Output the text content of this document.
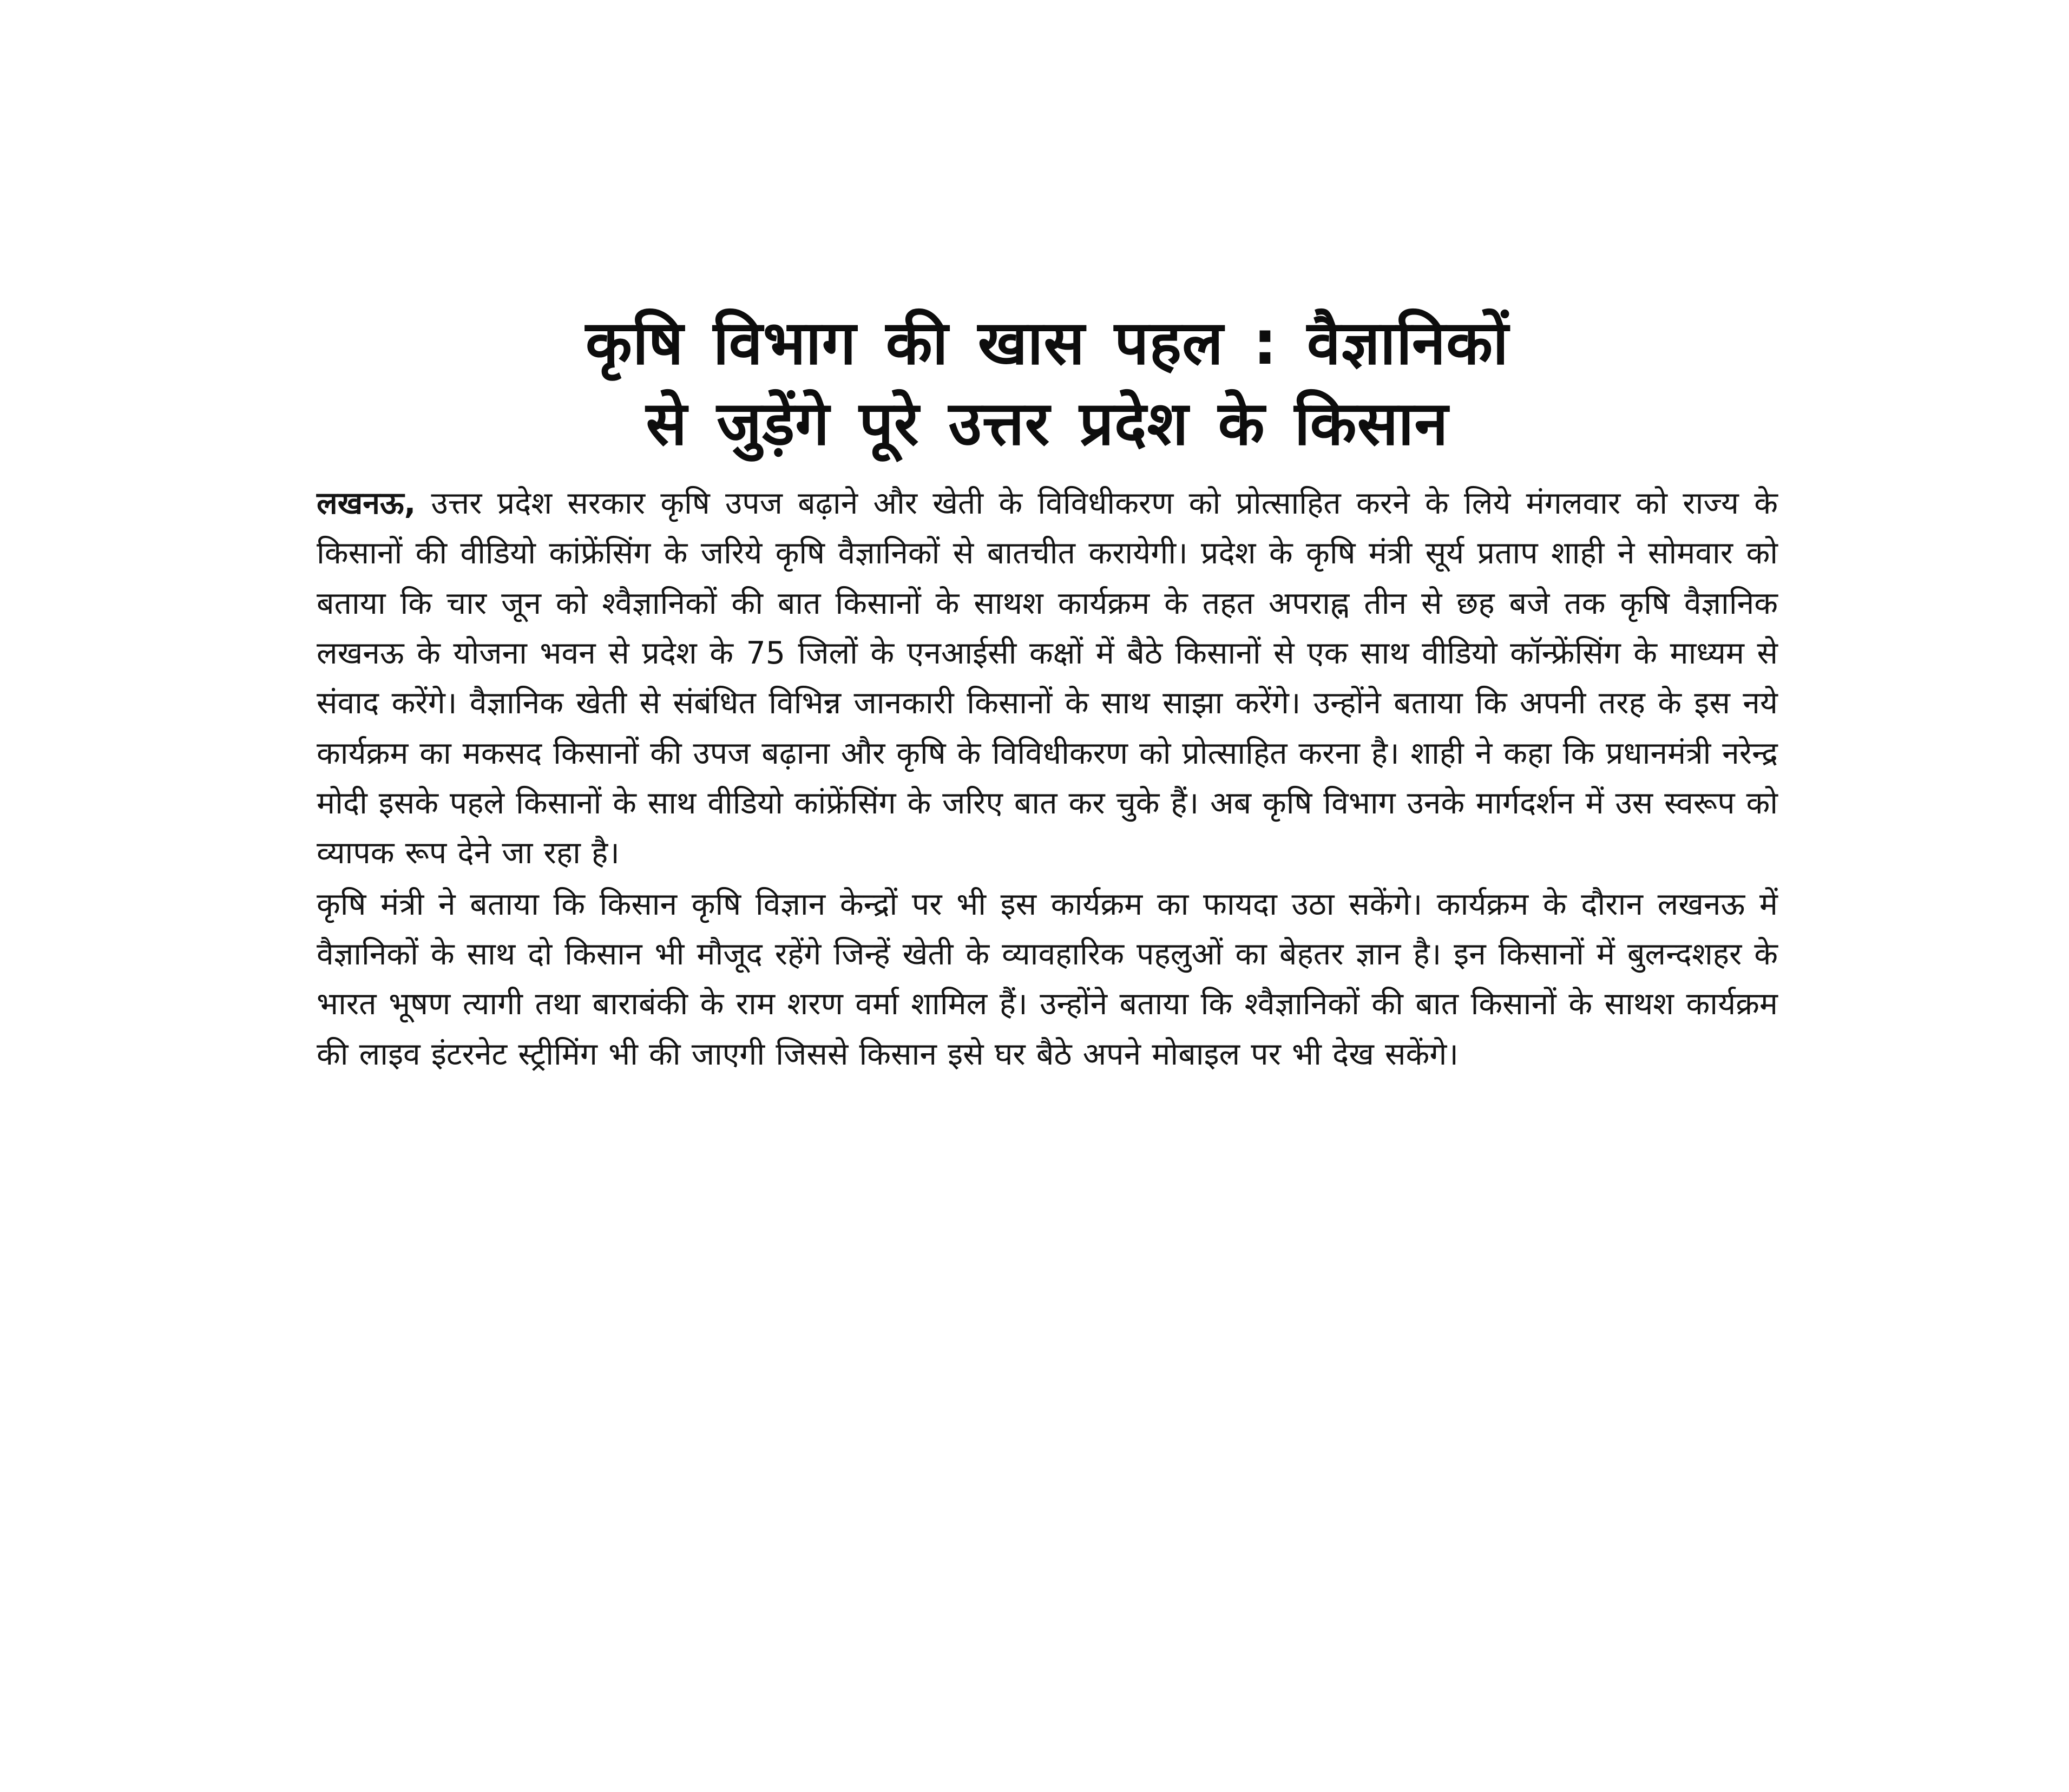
कृषि विभाग की खास पहल : वैज्ञानिकों
से जुड़ेंगे पूरे उत्तर प्रदेश के किसान

लखनऊ, उत्तर प्रदेश सरकार कृषि उपज बढ़ाने और खेती के विविधीकरण को प्रोत्साहित करने के लिये मंगलवार को राज्य के किसानों की वीडियो कांफ्रेंसिंग के जरिये कृषि वैज्ञानिकों से बातचीत करायेगी। प्रदेश के कृषि मंत्री सूर्य प्रताप शाही ने सोमवार को बताया कि चार जून को श्वैज्ञानिकों की बात किसानों के साथश कार्यक्रम के तहत अपराह्न तीन से छह बजे तक कृषि वैज्ञानिक लखनऊ के योजना भवन से प्रदेश के 75 जिलों के एनआईसी कक्षों में बैठे किसानों से एक साथ वीडियो कॉन्फ्रेंसिंग के माध्यम से संवाद करेंगे। वैज्ञानिक खेती से संबंधित विभिन्न जानकारी किसानों के साथ साझा करेंगे। उन्होंने बताया कि अपनी तरह के इस नये कार्यक्रम का मकसद किसानों की उपज बढ़ाना और कृषि के विविधीकरण को प्रोत्साहित करना है। शाही ने कहा कि प्रधानमंत्री नरेन्द्र मोदी इसके पहले किसानों के साथ वीडियो कांफ्रेंसिंग के जरिए बात कर चुके हैं। अब कृषि विभाग उनके मार्गदर्शन में उस स्वरूप को व्यापक रूप देने जा रहा है।

कृषि मंत्री ने बताया कि किसान कृषि विज्ञान केन्द्रों पर भी इस कार्यक्रम का फायदा उठा सकेंगे। कार्यक्रम के दौरान लखनऊ में वैज्ञानिकों के साथ दो किसान भी मौजूद रहेंगे जिन्हें खेती के व्यावहारिक पहलुओं का बेहतर ज्ञान है। इन किसानों में बुलन्दशहर के भारत भूषण त्यागी तथा बाराबंकी के राम शरण वर्मा शामिल हैं। उन्होंने बताया कि श्वैज्ञानिकों की बात किसानों के साथश कार्यक्रम की लाइव इंटरनेट स्ट्रीमिंग भी की जाएगी जिससे किसान इसे घर बैठे अपने मोबाइल पर भी देख सकेंगे।
